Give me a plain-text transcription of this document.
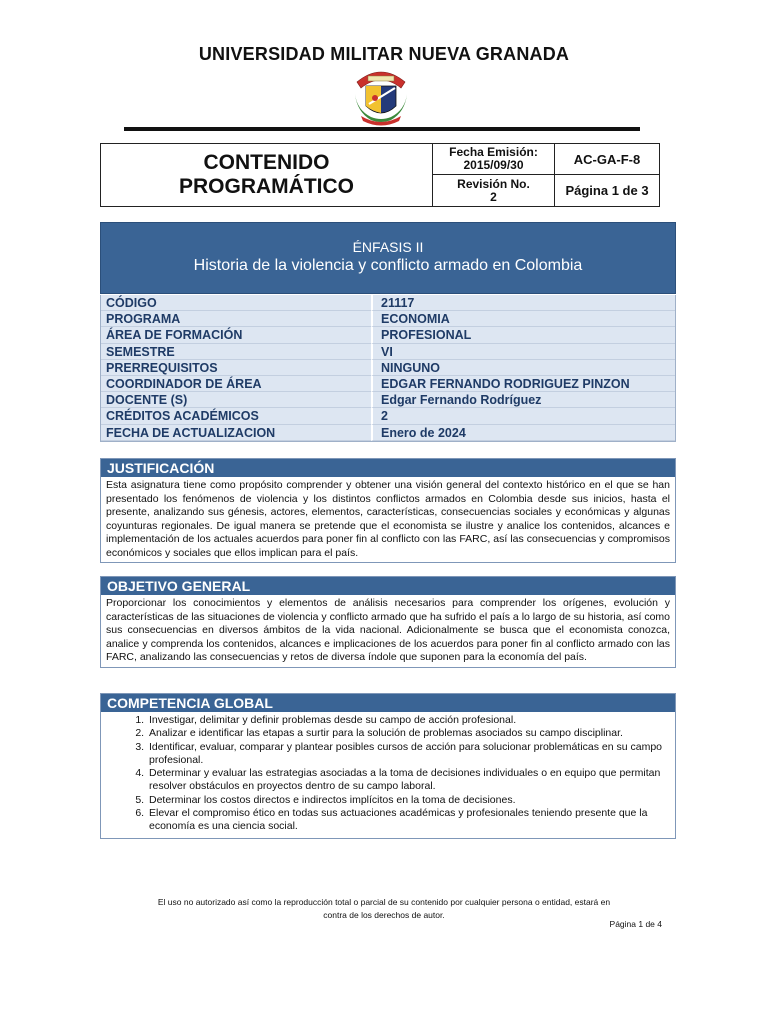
UNIVERSIDAD MILITAR NUEVA GRANADA
CONTENIDO
PROGRAMÁTICO
Fecha Emisión:
2015/09/30	AC-GA-F-8
Revisión No.
2	Página 1 de 3
ÉNFASIS II
Historia de la violencia y conflicto armado en Colombia
CÓDIGO	21117
PROGRAMA	ECONOMIA
ÁREA DE FORMACIÓN	PROFESIONAL
SEMESTRE	VI
PRERREQUISITOS	NINGUNO
COORDINADOR DE ÁREA	EDGAR FERNANDO RODRIGUEZ PINZON
DOCENTE (S)	Edgar Fernando Rodríguez
CRÉDITOS ACADÉMICOS	2
FECHA DE ACTUALIZACION	Enero de 2024
JUSTIFICACIÓN
Esta asignatura tiene como propósito comprender y obtener una visión general del contexto histórico en el que se han presentado los fenómenos de violencia y los distintos conflictos armados en Colombia desde sus inicios, hasta el presente, analizando sus génesis, actores, elementos, características, consecuencias sociales y económicas y algunas coyunturas regionales. De igual manera se pretende que el economista se ilustre y analice los contenidos, alcances e implementación de los actuales acuerdos para poner fin al conflicto con las FARC, así las consecuencias y compromisos económicos y sociales que ellos implican para el país.
OBJETIVO GENERAL
Proporcionar los conocimientos y elementos de análisis necesarios para comprender los orígenes, evolución y características de las situaciones de violencia y conflicto armado que ha sufrido el país a lo largo de su historia, así como sus consecuencias en diversos ámbitos de la vida nacional. Adicionalmente se busca que el economista conozca, analice y comprenda los contenidos, alcances e implicaciones de los acuerdos para poner fin al conflicto armado con las FARC, analizando las consecuencias y retos de diversa índole que suponen para la economía del país.
COMPETENCIA GLOBAL
1. Investigar, delimitar y definir problemas desde su campo de acción profesional.
2. Analizar e identificar las etapas a surtir para la solución de problemas asociados su campo disciplinar.
3. Identificar, evaluar, comparar y plantear posibles cursos de acción para solucionar problemáticas en su campo profesional.
4. Determinar y evaluar las estrategias asociadas a la toma de decisiones individuales o en equipo que permitan resolver obstáculos en proyectos dentro de su campo laboral.
5. Determinar los costos directos e indirectos implícitos en la toma de decisiones.
6. Elevar el compromiso ético en todas sus actuaciones académicas y profesionales teniendo presente que la economía es una ciencia social.
El uso no autorizado así como la reproducción total o parcial de su contenido por cualquier persona o entidad, estará en
contra de los derechos de autor.
Página 1 de 4
